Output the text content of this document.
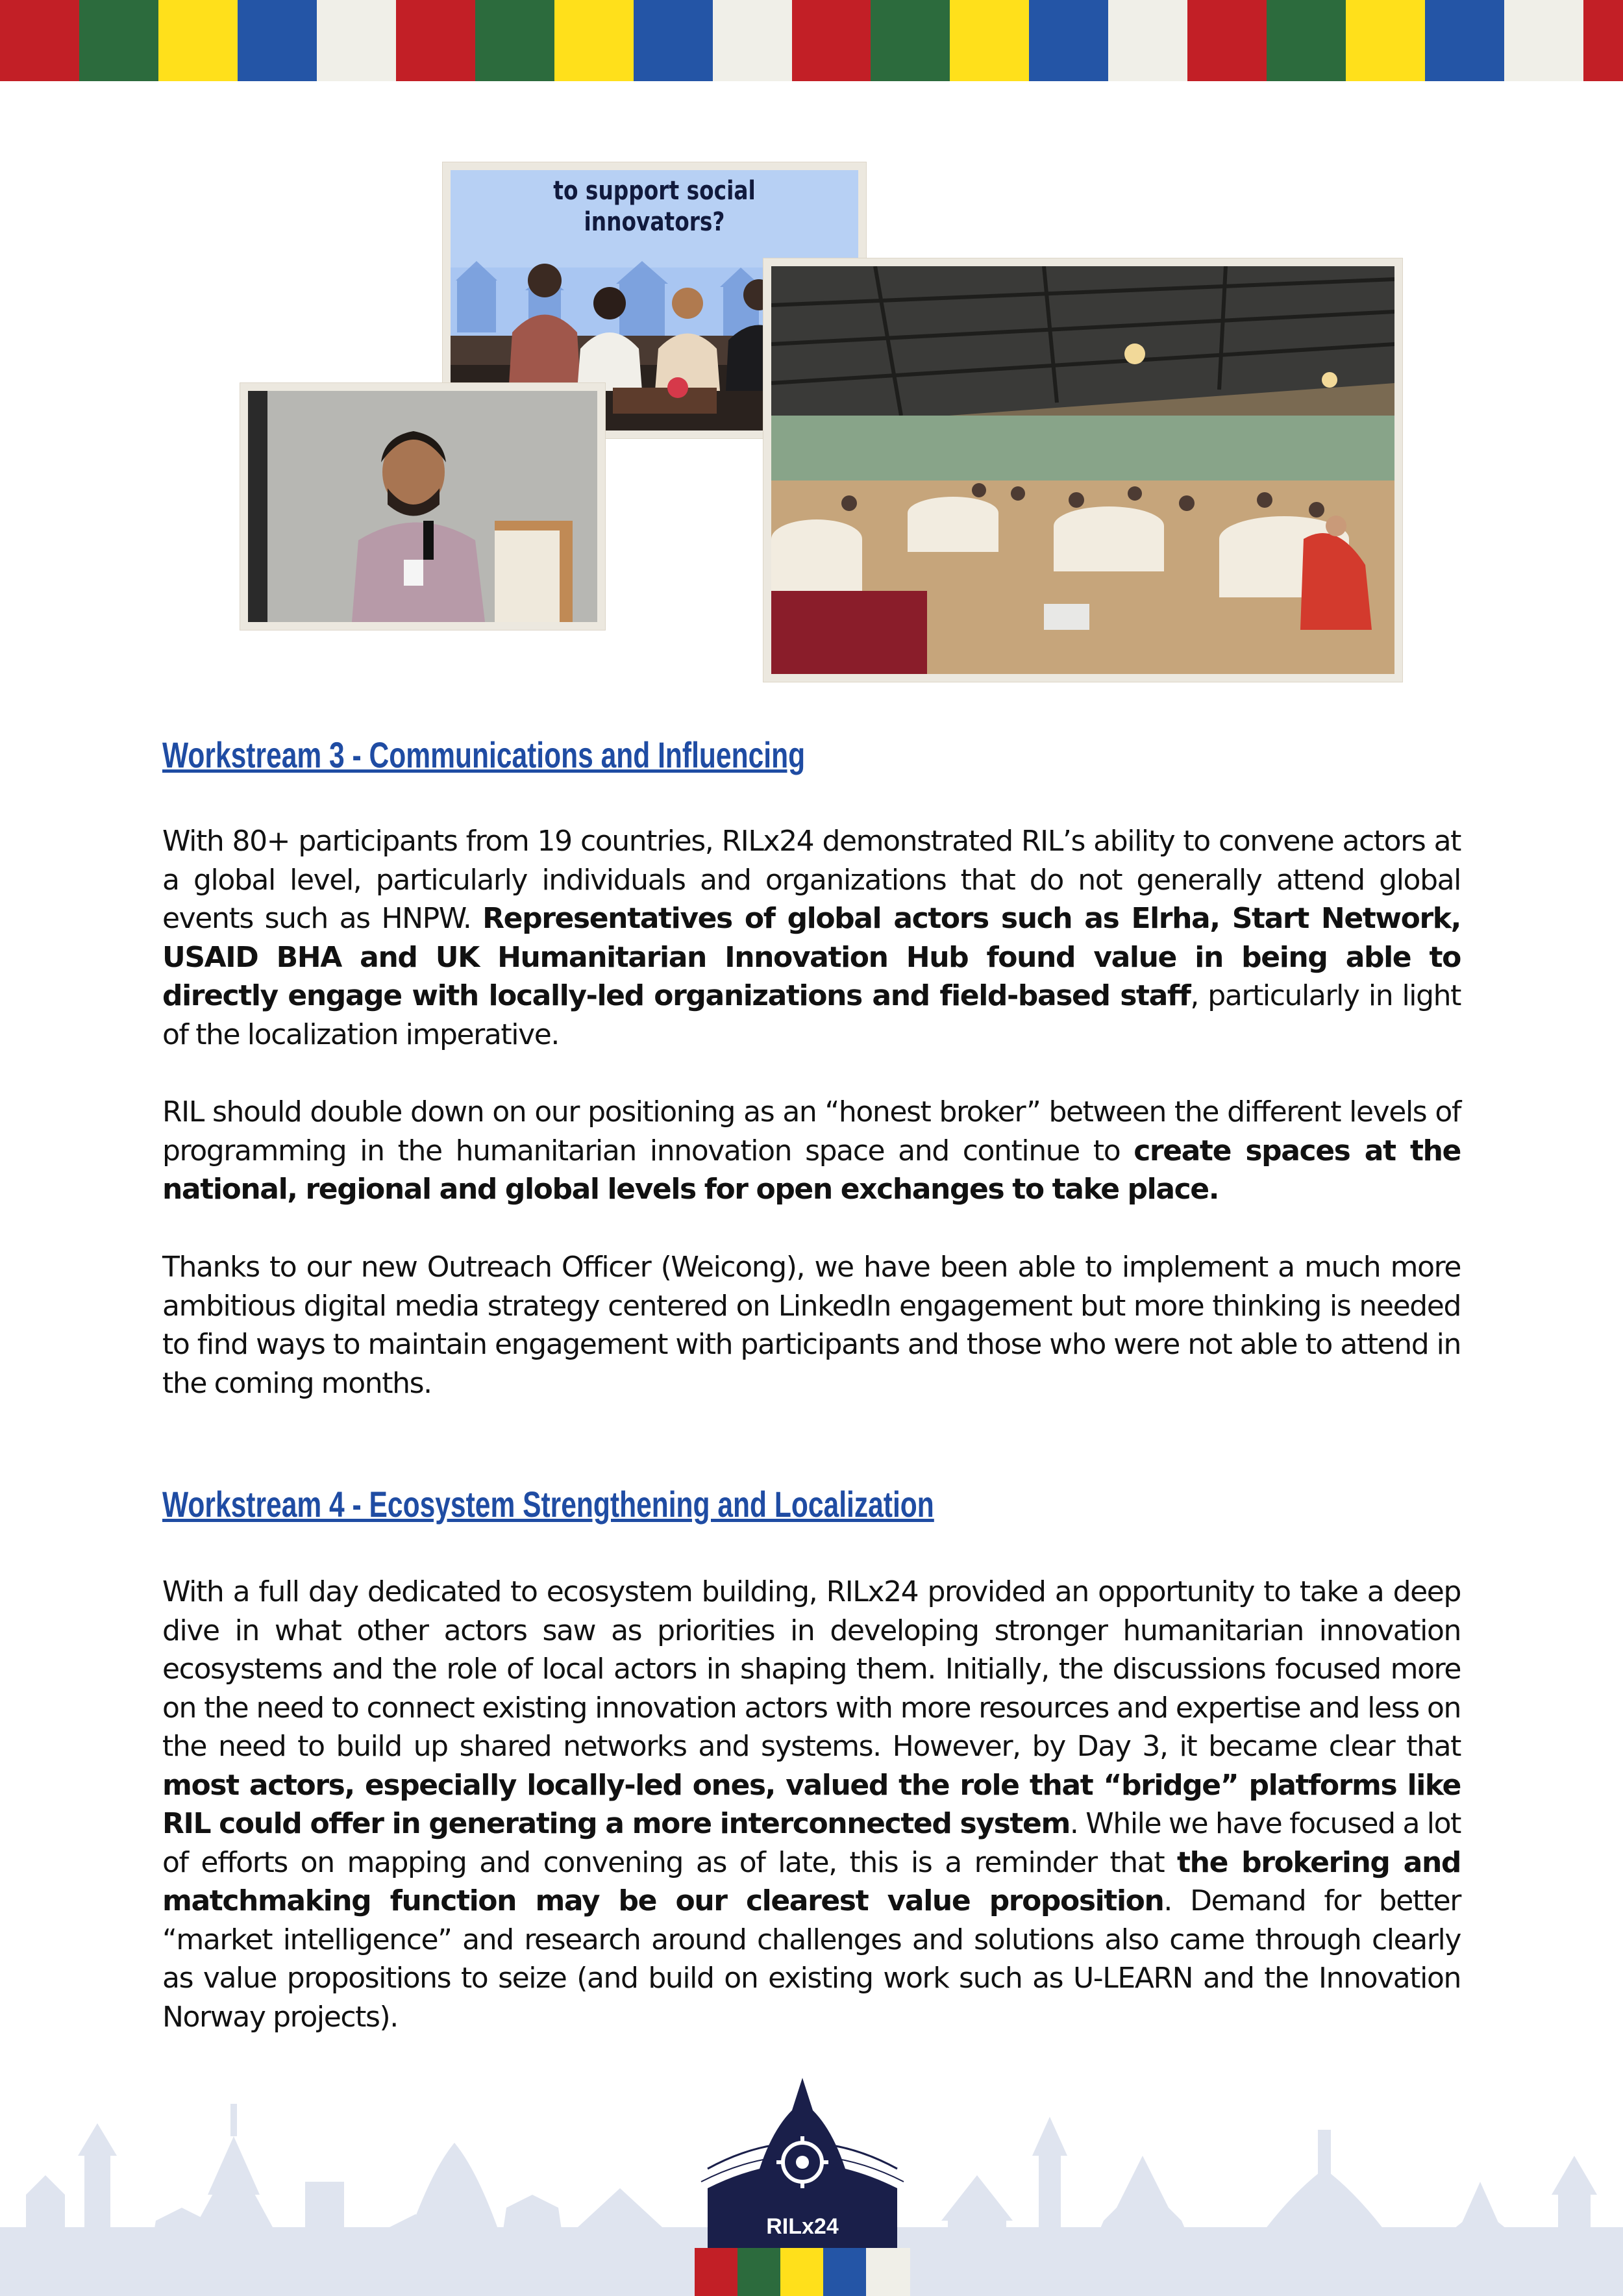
to support social innovators?
Workstream 3 - Communications and Influencing

With 80+ participants from 19 countries, RILx24 demonstrated RIL’s ability to convene actors at a global level, particularly individuals and organizations that do not generally attend global events such as HNPW. Representatives of global actors such as Elrha, Start Network, USAID BHA and UK Humanitarian Innovation Hub found value in being able to directly engage with locally-led organizations and field-based staff, particularly in light of the localization imperative.

RIL should double down on our positioning as an “honest broker” between the different levels of programming in the humanitarian innovation space and continue to create spaces at the national, regional and global levels for open exchanges to take place.

Thanks to our new Outreach Officer (Weicong), we have been able to implement a much more ambitious digital media strategy centered on LinkedIn engagement but more thinking is needed to find ways to maintain engagement with participants and those who were not able to attend in the coming months.

Workstream 4 - Ecosystem Strengthening and Localization

With a full day dedicated to ecosystem building, RILx24 provided an opportunity to take a deep dive in what other actors saw as priorities in developing stronger humanitarian innovation ecosystems and the role of local actors in shaping them. Initially, the discussions focused more on the need to connect existing innovation actors with more resources and expertise and less on the need to build up shared networks and systems. However, by Day 3, it became clear that most actors, especially locally-led ones, valued the role that “bridge” platforms like RIL could offer in generating a more interconnected system. While we have focused a lot of efforts on mapping and convening as of late, this is a reminder that the brokering and matchmaking function may be our clearest value proposition. Demand for better “market intelligence” and research around challenges and solutions also came through clearly as value propositions to seize (and build on existing work such as U-LEARN and the Innovation Norway projects).

RILx24
